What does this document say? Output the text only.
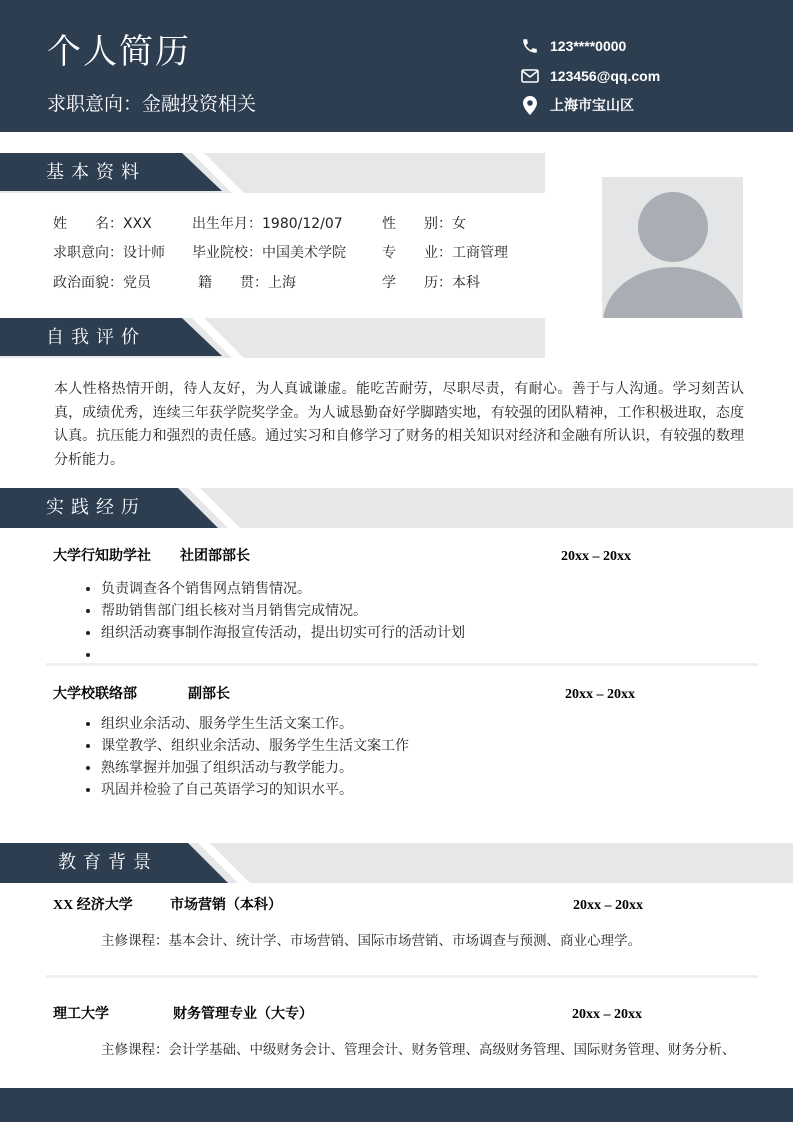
个人简历
求职意向：金融投资相关
123****0000
123456@qq.com
上海市宝山区
基本资料
姓　　名：XXX	出生年月：1980/12/07	性　　别：女
求职意向：设计师 毕业院校：中国美术学院	专　　业：工商管理
政治面貌：党员	籍　　贯：上海	学　　历：本科
自我评价
本人性格热情开朗，待人友好，为人真诚谦虚。能吃苦耐劳，尽职尽责，有耐心。善于与人沟通。学习刻苦认真，成绩优秀，连续三年获学院奖学金。为人诚恳勤奋好学脚踏实地，有较强的团队精神，工作积极进取，态度认真。抗压能力和强烈的责任感。通过实习和自修学习了财务的相关知识对经济和金融有所认识，有较强的数理分析能力。
实践经历
大学行知助学社 社团部部长	20xx – 20xx
• 负责调查各个销售网点销售情况。
• 帮助销售部门组长核对当月销售完成情况。
• 组织活动赛事制作海报宣传活动，提出切实可行的活动计划
•
大学校联络部	副部长	20xx – 20xx
• 组织业余活动、服务学生生活文案工作。
• 课堂教学、组织业余活动、服务学生生活文案工作
• 熟练掌握并加强了组织活动与教学能力。
• 巩固并检验了自己英语学习的知识水平。
教育背景
XX 经济大学	市场营销（本科）	20xx – 20xx
主修课程：基本会计、统计学、市场营销、国际市场营销、市场调查与预测、商业心理学。
理工大学	财务管理专业（大专）	20xx – 20xx
主修课程：会计学基础、中级财务会计、管理会计、财务管理、高级财务管理、国际财务管理、财务分析、
